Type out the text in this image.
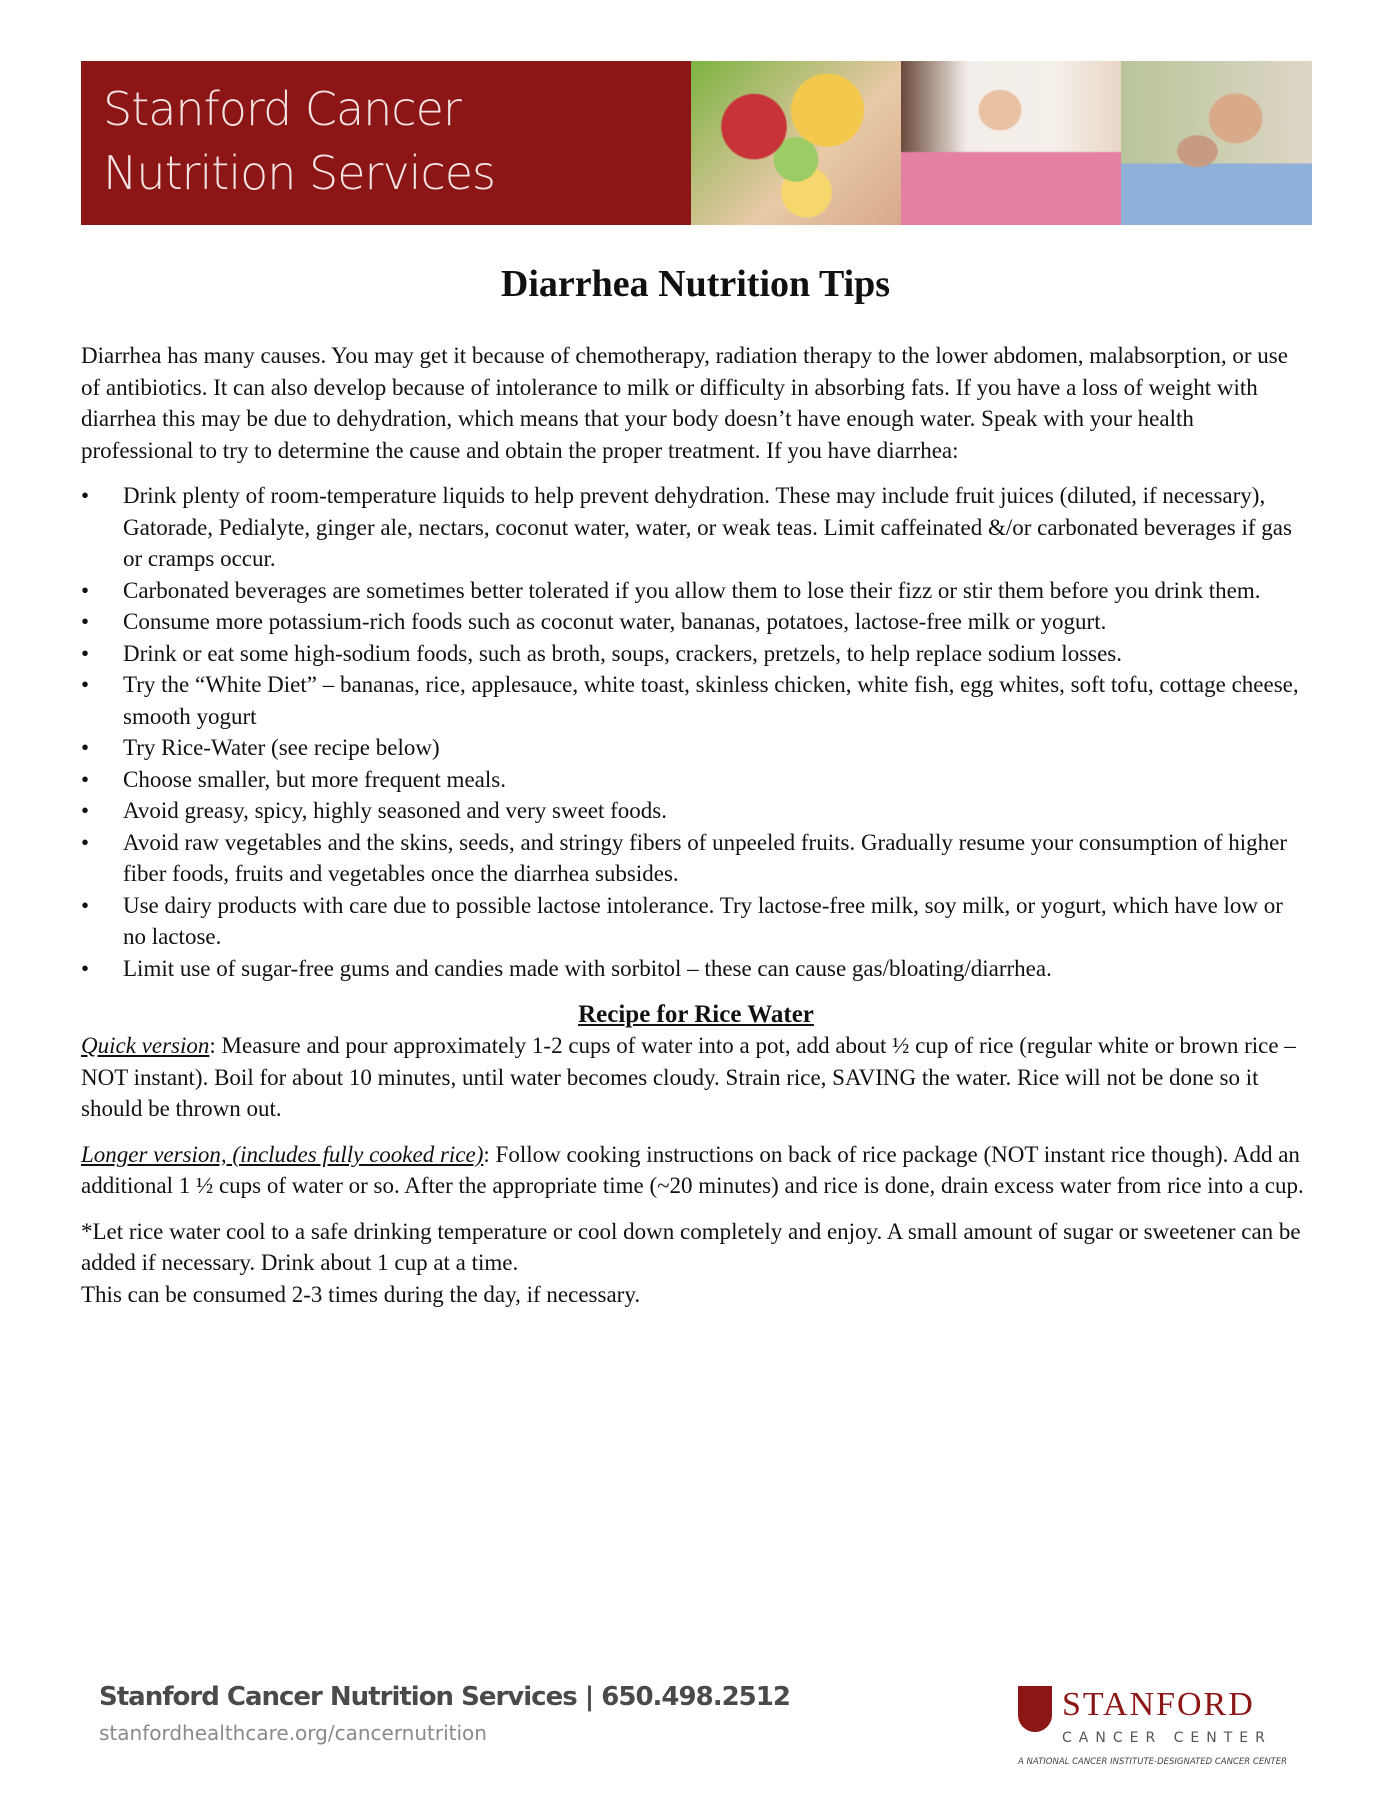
Stanford Cancer
Nutrition Services
Diarrhea Nutrition Tips

Diarrhea has many causes. You may get it because of chemotherapy, radiation therapy to the lower abdomen, malabsorption, or use of antibiotics. It can also develop because of intolerance to milk or difficulty in absorbing fats. If you have a loss of weight with diarrhea this may be due to dehydration, which means that your body doesn’t have enough water. Speak with your health professional to try to determine the cause and obtain the proper treatment. If you have diarrhea:

• Drink plenty of room-temperature liquids to help prevent dehydration. These may include fruit juices (diluted, if necessary), Gatorade, Pedialyte, ginger ale, nectars, coconut water, water, or weak teas. Limit caffeinated &/or carbonated beverages if gas or cramps occur.
• Carbonated beverages are sometimes better tolerated if you allow them to lose their fizz or stir them before you drink them.
• Consume more potassium-rich foods such as coconut water, bananas, potatoes, lactose-free milk or yogurt.
• Drink or eat some high-sodium foods, such as broth, soups, crackers, pretzels, to help replace sodium losses.
• Try the “White Diet” – bananas, rice, applesauce, white toast, skinless chicken, white fish, egg whites, soft tofu, cottage cheese, smooth yogurt
• Try Rice-Water (see recipe below)
• Choose smaller, but more frequent meals.
• Avoid greasy, spicy, highly seasoned and very sweet foods.
• Avoid raw vegetables and the skins, seeds, and stringy fibers of unpeeled fruits. Gradually resume your consumption of higher fiber foods, fruits and vegetables once the diarrhea subsides.
• Use dairy products with care due to possible lactose intolerance. Try lactose-free milk, soy milk, or yogurt, which have low or no lactose.
• Limit use of sugar-free gums and candies made with sorbitol – these can cause gas/bloating/diarrhea.
Recipe for Rice Water

Quick version: Measure and pour approximately 1-2 cups of water into a pot, add about ½ cup of rice (regular white or brown rice – NOT instant). Boil for about 10 minutes, until water becomes cloudy. Strain rice, SAVING the water. Rice will not be done so it should be thrown out.

Longer version, (includes fully cooked rice): Follow cooking instructions on back of rice package (NOT instant rice though). Add an additional 1 ½ cups of water or so. After the appropriate time (~20 minutes) and rice is done, drain excess water from rice into a cup.

*Let rice water cool to a safe drinking temperature or cool down completely and enjoy. A small amount of sugar or sweetener can be added if necessary. Drink about 1 cup at a time.
This can be consumed 2-3 times during the day, if necessary.

Stanford Cancer Nutrition Services | 650.498.2512
stanfordhealthcare.org/cancernutrition
STANFORD
CANCER CENTER
A NATIONAL CANCER INSTITUTE-DESIGNATED CANCER CENTER
